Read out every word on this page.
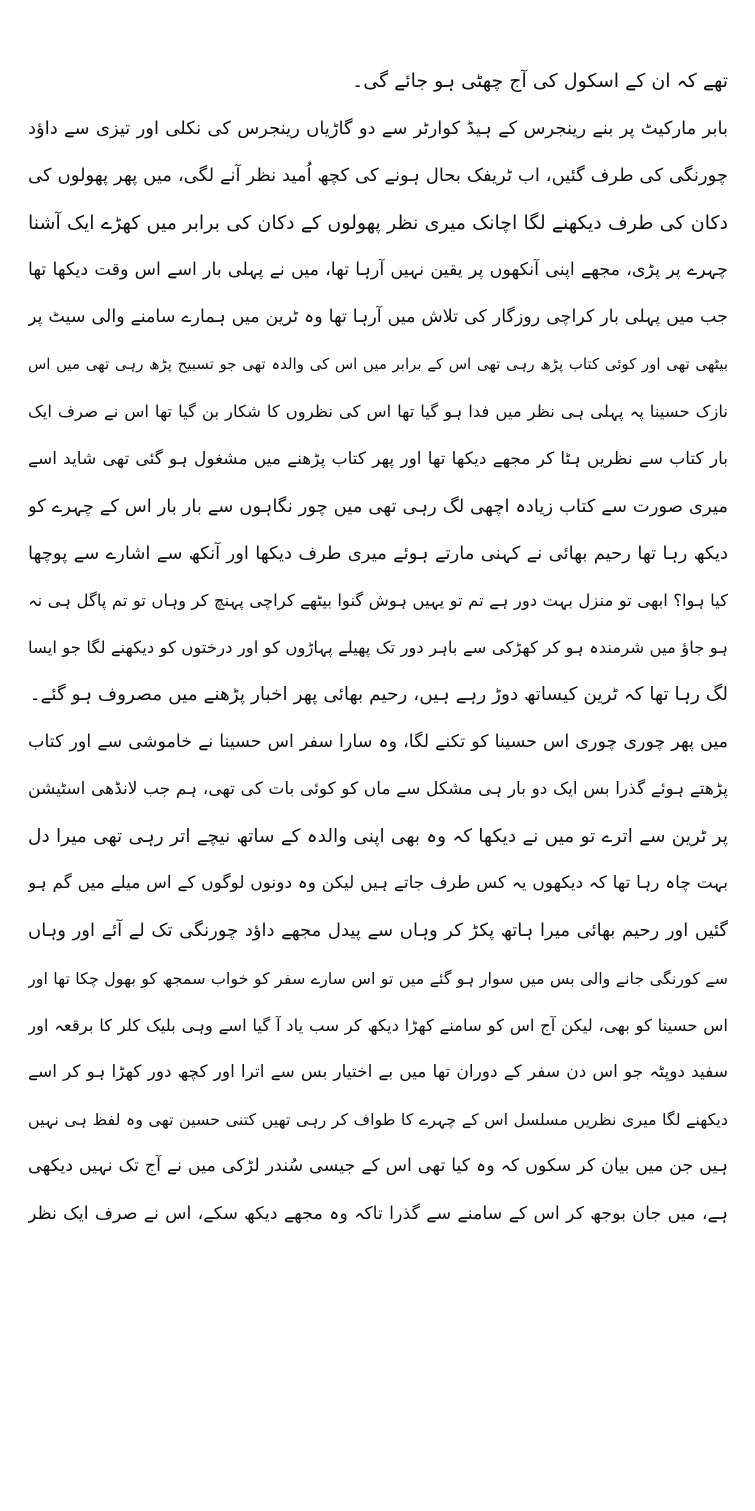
تھے کہ ان کے اسکول کی آج چھٹی ہو جائے گی۔
بابر مارکیٹ پر بنے رینجرس کے ہیڈ کوارٹر سے دو گاڑیاں رینجرس کی نکلی اور تیزی سے داؤد
چورنگی کی طرف گئیں، اب ٹریفک بحال ہونے کی کچھ اُمید نظر آنے لگی، میں پھر پھولوں کی
دکان کی طرف دیکھنے لگا اچانک میری نظر پھولوں کے دکان کی برابر میں کھڑے ایک آشنا
چہرے پر پڑی، مجھے اپنی آنکھوں پر یقین نہیں آرہا تھا، میں نے پہلی بار اسے اس وقت دیکھا تھا
جب میں پہلی بار کراچی روزگار کی تلاش میں آرہا تھا وہ ٹرین میں ہمارے سامنے والی سیٹ پر
بیٹھی تھی اور کوئی کتاب پڑھ رہی تھی اس کے برابر میں اس کی والدہ تھی جو تسبیح پڑھ رہی تھی میں اس
نازک حسینا پہ پہلی ہی نظر میں فدا ہو گیا تھا اس کی نظروں کا شکار بن گیا تھا اس نے صرف ایک
بار کتاب سے نظریں ہٹا کر مجھے دیکھا تھا اور پھر کتاب پڑھنے میں مشغول ہو گئی تھی شاید اسے
میری صورت سے کتاب زیادہ اچھی لگ رہی تھی میں چور نگاہوں سے بار بار اس کے چہرے کو
دیکھ رہا تھا رحیم بھائی نے کہنی مارتے ہوئے میری طرف دیکھا اور آنکھ سے اشارے سے پوچھا
کیا ہوا؟ ابھی تو منزل بہت دور ہے تم تو یہیں ہوش گنوا بیٹھے کراچی پہنچ کر وہاں تو تم پاگل ہی نہ
ہو جاؤ میں شرمندہ ہو کر کھڑکی سے باہر دور تک پھیلے پہاڑوں کو اور درختوں کو دیکھنے لگا جو ایسا
لگ رہا تھا کہ ٹرین کیساتھ دوڑ رہے ہیں، رحیم بھائی پھر اخبار پڑھنے میں مصروف ہو گئے۔
میں پھر چوری چوری اس حسینا کو تکنے لگا، وہ سارا سفر اس حسینا نے خاموشی سے اور کتاب
پڑھتے ہوئے گذرا بس ایک دو بار ہی مشکل سے ماں کو کوئی بات کی تھی، ہم جب لانڈھی اسٹیشن
پر ٹرین سے اترے تو میں نے دیکھا کہ وہ بھی اپنی والدہ کے ساتھ نیچے اتر رہی تھی میرا دل
بہت چاہ رہا تھا کہ دیکھوں یہ کس طرف جاتے ہیں لیکن وہ دونوں لوگوں کے اس میلے میں گم ہو
گئیں اور رحیم بھائی میرا ہاتھ پکڑ کر وہاں سے پیدل مجھے داؤد چورنگی تک لے آئے اور وہاں
سے کورنگی جانے والی بس میں سوار ہو گئے میں تو اس سارے سفر کو خواب سمجھ کو بھول چکا تھا اور
اس حسینا کو بھی، لیکن آج اس کو سامنے کھڑا دیکھ کر سب یاد آ گیا اسے وہی بلیک کلر کا برقعہ اور
سفید دوپٹہ جو اس دن سفر کے دوران تھا میں بے اختیار بس سے اترا اور کچھ دور کھڑا ہو کر اسے
دیکھنے لگا میری نظریں مسلسل اس کے چہرے کا طواف کر رہی تھیں کتنی حسین تھی وہ لفظ ہی نہیں
ہیں جن میں بیان کر سکوں کہ وہ کیا تھی اس کے جیسی سُندر لڑکی میں نے آج تک نہیں دیکھی
ہے، میں جان بوجھ کر اس کے سامنے سے گذرا تاکہ وہ مجھے دیکھ سکے، اس نے صرف ایک نظر
